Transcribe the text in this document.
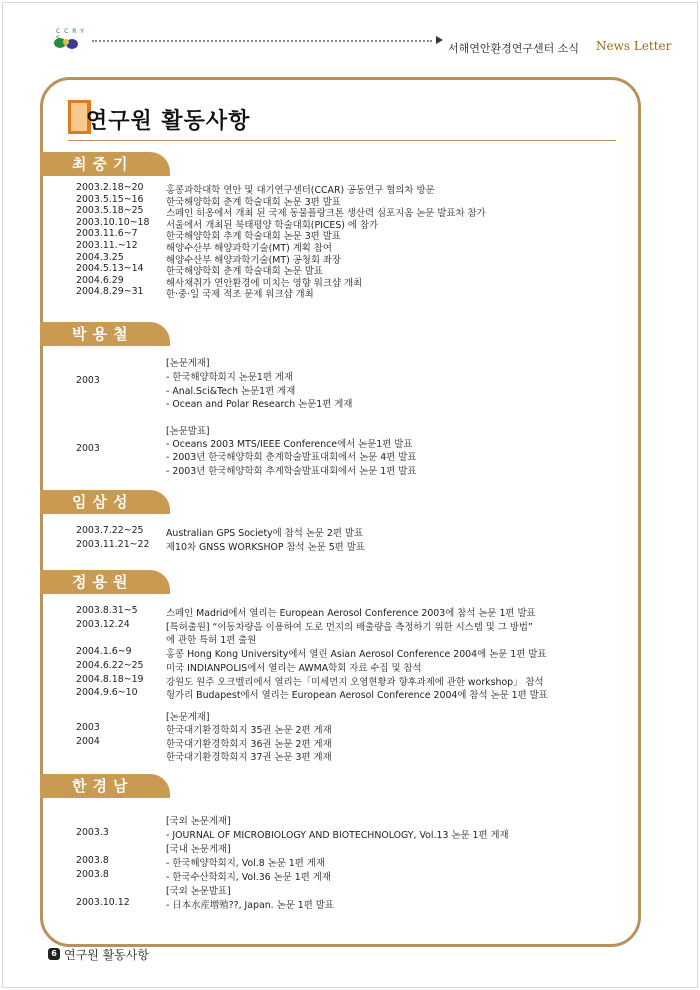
C C R Y S
서해연안환경연구센터 소식 News Letter
연구원 활동사항
최중기
2003.2.18~20 홍콩과학대학 연안 및 대기연구센터(CCAR) 공동연구 협의차 방문
2003.5.15~16 한국해양학회 춘계 학술대회 논문 3편 발표
2003.5.18~25 스페인 히옹에서 개최 된 국제 동물플랑크톤 생산력 심포지옴 논문 발표차 참가
2003.10.10~18 서울에서 개최된 북태평양 학술대회(PICES) 에 참가
2003.11.6~7	한국해양학회 추계 학술대회 논문 3편 발표
2003.11.~12	해양수산부 해양과학기술(MT) 계획 참여
2004.3.25	해양수산부 해양과학기술(MT) 공청회 좌장
2004.5.13~14 한국해양학회 춘계 학술대회 논문 발표
2004.6.29	해사채취가 연안환경에 미치는 영향 워크샵 개최
2004.8.29~31 한·중·일 국제 적조 문제 워크샵 개최
박용철
2003
[논문게재]
- 한국해양학회지 논문1편 게재
- Anal.Sci&Tech 논문1편 게재
- Ocean and Polar Research 논문1편 게재
2003
[논문발표]
- Oceans 2003 MTS/IEEE Conference에서 논문1편 발표
- 2003년 한국해양학회 춘계학술발표대회에서 논문 4편 발표
- 2003년 한국해양학회 추계학술발표대회에서 논문 1편 발표
임삼성
2003.7.22~25 Australian GPS Society에 참석 논문 2편 발표
2003.11.21~22 제10차 GNSS WORKSHOP 참석 논문 5편 발표
정용원
2003.8.31~5	스페인 Madrid에서 열리는 European Aerosol Conference 2003에 참석 논문 1편 발표
2003.12.24	[특허출원] “이동차량을 이용하여 도로 먼지의 배출량을 측정하기 위한 시스템 및 그 방법”
에 관한 특허 1편 출원
2004.1.6~9	홍콩 Hong Kong University에서 열린 Asian Aerosol Conference 2004에 논문 1편 발표
2004.6.22~25 미국 INDIANPOLIS에서 열리는 AWMA학회 자료 수집 및 참석
2004.8.18~19 강원도 원주 오크벨리에서 열리는「미세먼지 오염현황과 향후과제에 관한 workshop」 참석
2004.9.6~10	헝가리 Budapest에서 열리는 European Aerosol Conference 2004에 참석 논문 1편 발표
[논문게재]
2003	한국대기환경학회지 35권 논문 2편 게재
2004	한국대기환경학회지 36권 논문 2편 게재
한국대기환경학회지 37권 논문 3편 게재
한경남
[국외 논문게재]
2003.3	- JOURNAL OF MICROBIOLOGY AND BIOTECHNOLOGY, Vol.13 논문 1편 게재
[국내 논문게재]
2003.8	- 한국해양학회지, Vol.8 논문 1편 게재
2003.8	- 한국수산학회지, Vol.36 논문 1편 게재
[국외 논문발표]
2003.10.12	- 日本水産增殖??, Japan. 논문 1편 발표
6 연구원 활동사항
